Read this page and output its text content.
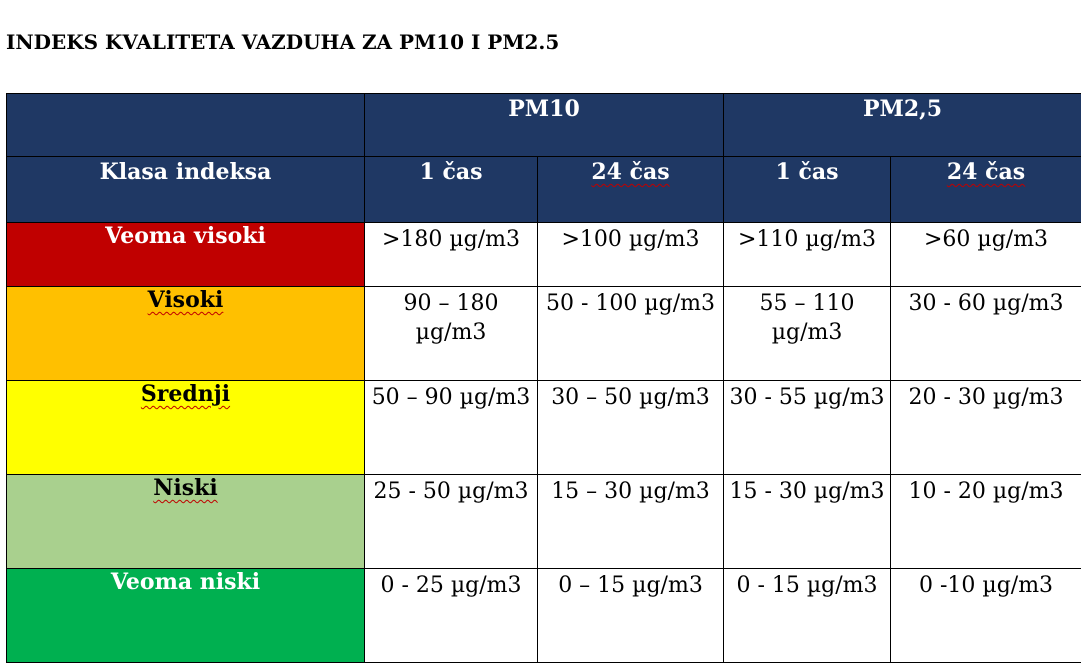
INDEKS KVALITETA VAZDUHA ZA PM10 I PM2.5

	PM10		PM2,5	

Klasa indeksa	1 čas	24 čas	1 čas	24 čas

Veoma visoki	>180 µg/m3	>100 µg/m3	>110 µg/m3	>60 µg/m3

Visoki	90 – 180 µg/m3	50 - 100 µg/m3	55 – 110 µg/m3	30 - 60 µg/m3

Srednji	50 – 90 µg/m3	30 – 50 µg/m3	30 - 55 µg/m3	20 - 30 µg/m3

Niski	25 - 50 µg/m3	15 – 30 µg/m3	15 - 30 µg/m3	10 - 20 µg/m3

Veoma niski	0 - 25 µg/m3	0 – 15 µg/m3	0 - 15 µg/m3	0 -10 µg/m3
